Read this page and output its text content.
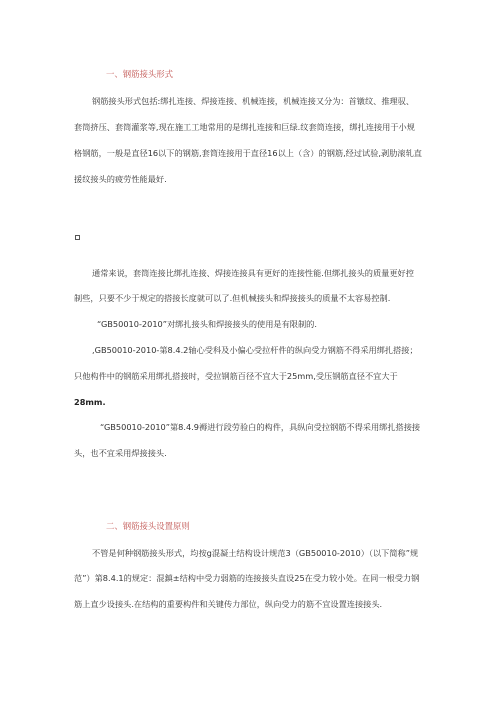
一、钢筋接头形式
钢筋接头形式包括:绑扎连接、焊接连接、机械连接，机械连接又分为：首镦纹、推理驭、
套筒挤压、套筒灌浆等,现在施工工地常用的是绑扎连接和巨绿.纹套筒连接，绑扎连接用于小规
格钢筋，一般是直径16以下的钢筋,套筒连接用于直径16以上（含）的钢筋,经过试验,剥肋滚轧直
援纹接头的疲劳性能最好.
通常来说，套筒连接比绑扎连接、焊接连接具有更好的连接性能.但绑扎接头的质量更好控
制些，只要不少于规定的搭接长度就可以了.但机械接头和焊接接头的质量不太容易控制.
“GB50010-2010”对绑扎接头和焊接接头的使用是有限制的.
,GB50010-2010-第8.4.2轴心受科及小偏心受拉杆件的纵向受力钢筋不得采用绑扎搭接；
只他构件中的钢筋采用绑扎搭接时，受拉钢筋百径不宜大于25mm,受压钢筋直径不宜大于
28mm.
“GB50010-2010”第8.4.9褥进行段劳验白的构件，具纵向受拉钢筋不得采用绑扎搭接接
头，也不宜采用焊接接头.
二、钢筋接头设置原则
不管是何种钢筋接头形式，均按g混凝土结构设计规范3（GB50010-2010）（以下简称”规
范”）第8.4.1的规定：混鎮±结构中受力弱筋的连接接头直设25在受力较小处。在同一根受力钢
筋上直少设接头.在结构的重要构件和关键传力部位，纵向受力的筋不宜设置连接接头.
